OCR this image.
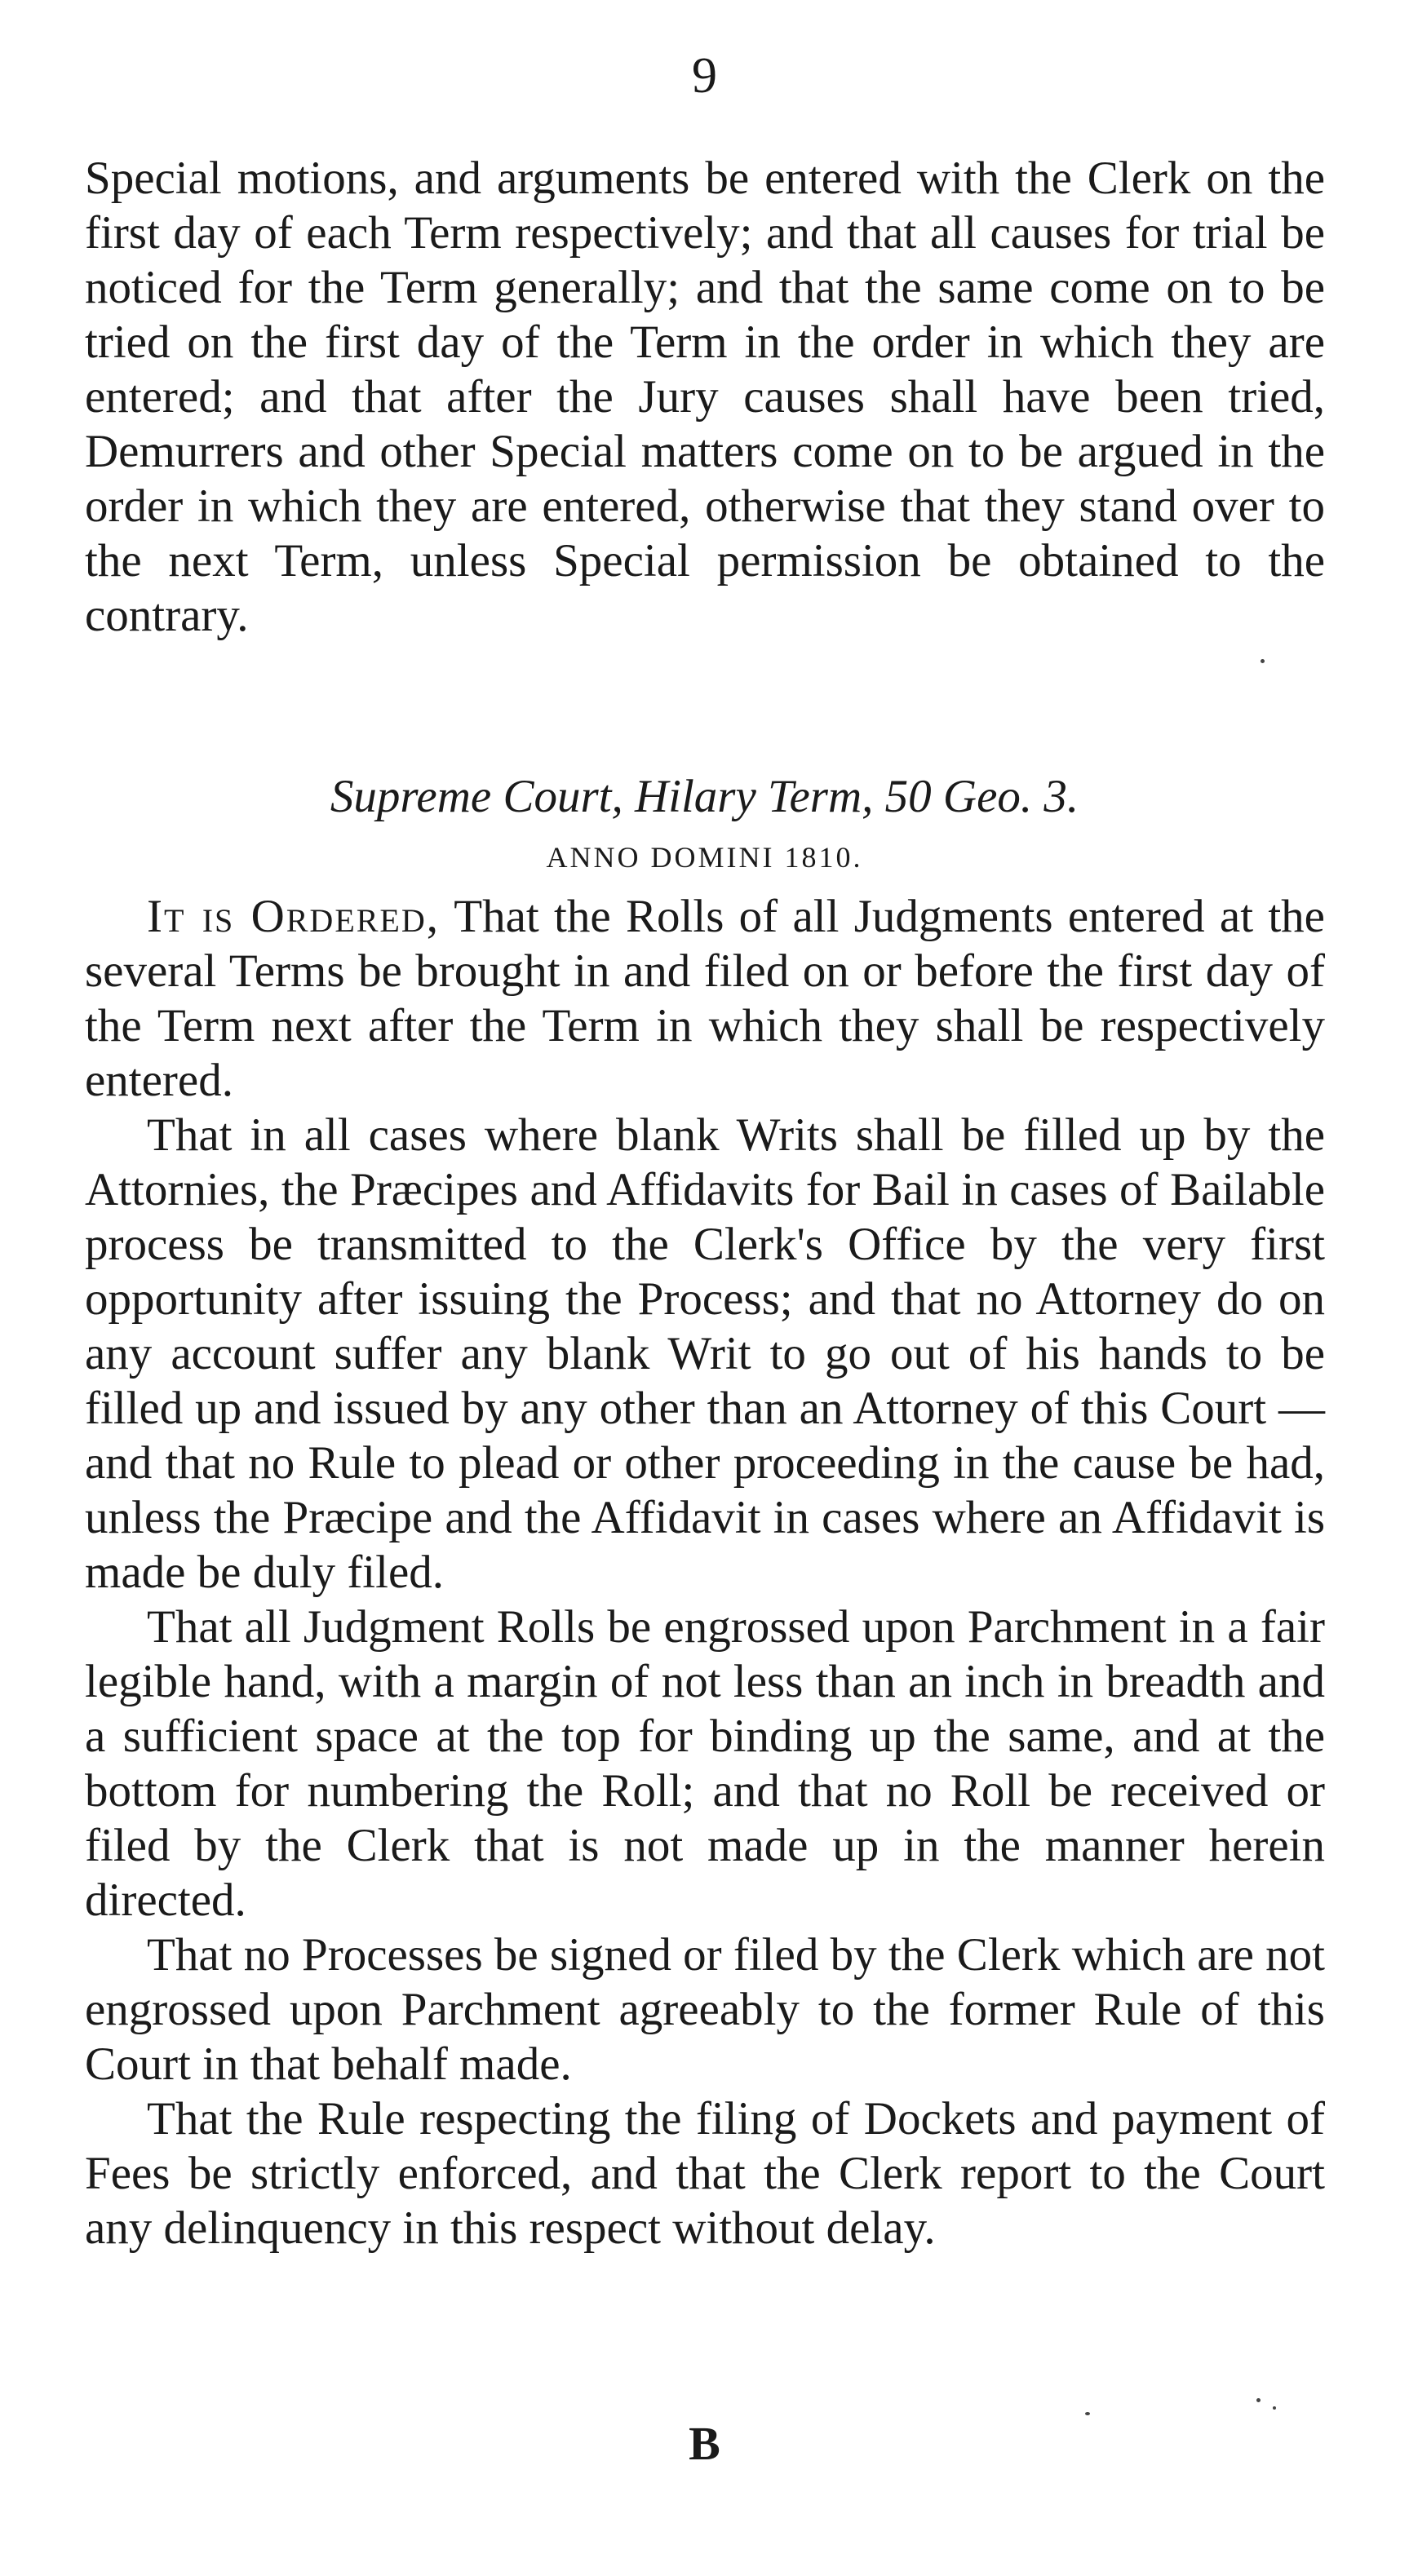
9

Special motions, and arguments be entered with the Clerk on the first day of each Term respectively; and that all causes for trial be noticed for the Term generally; and that the same come on to be tried on the first day of the Term in the order in which they are entered; and that after the Jury causes shall have been tried, Demurrers and other Special matters come on to be argued in the order in which they are entered, otherwise that they stand over to the next Term, unless Special permission be obtained to the contrary.

Supreme Court, Hilary Term, 50 Geo. 3.
ANNO DOMINI 1810.

It is Ordered, That the Rolls of all Judgments entered at the several Terms be brought in and filed on or before the first day of the Term next after the Term in which they shall be respectively entered.

That in all cases where blank Writs shall be filled up by the Attornies, the Præcipes and Affidavits for Bail in cases of Bailable process be transmitted to the Clerk's Office by the very first opportunity after issuing the Process; and that no Attorney do on any account suffer any blank Writ to go out of his hands to be filled up and issued by any other than an Attorney of this Court —and that no Rule to plead or other proceeding in the cause be had, unless the Præcipe and the Affidavit in cases where an Affidavit is made be duly filed.

That all Judgment Rolls be engrossed upon Parchment in a fair legible hand, with a margin of not less than an inch in breadth and a sufficient space at the top for binding up the same, and at the bottom for numbering the Roll; and that no Roll be received or filed by the Clerk that is not made up in the manner herein directed.

That no Processes be signed or filed by the Clerk which are not engrossed upon Parchment agreeably to the former Rule of this Court in that behalf made.

That the Rule respecting the filing of Dockets and payment of Fees be strictly enforced, and that the Clerk report to the Court any delinquency in this respect without delay.

B
